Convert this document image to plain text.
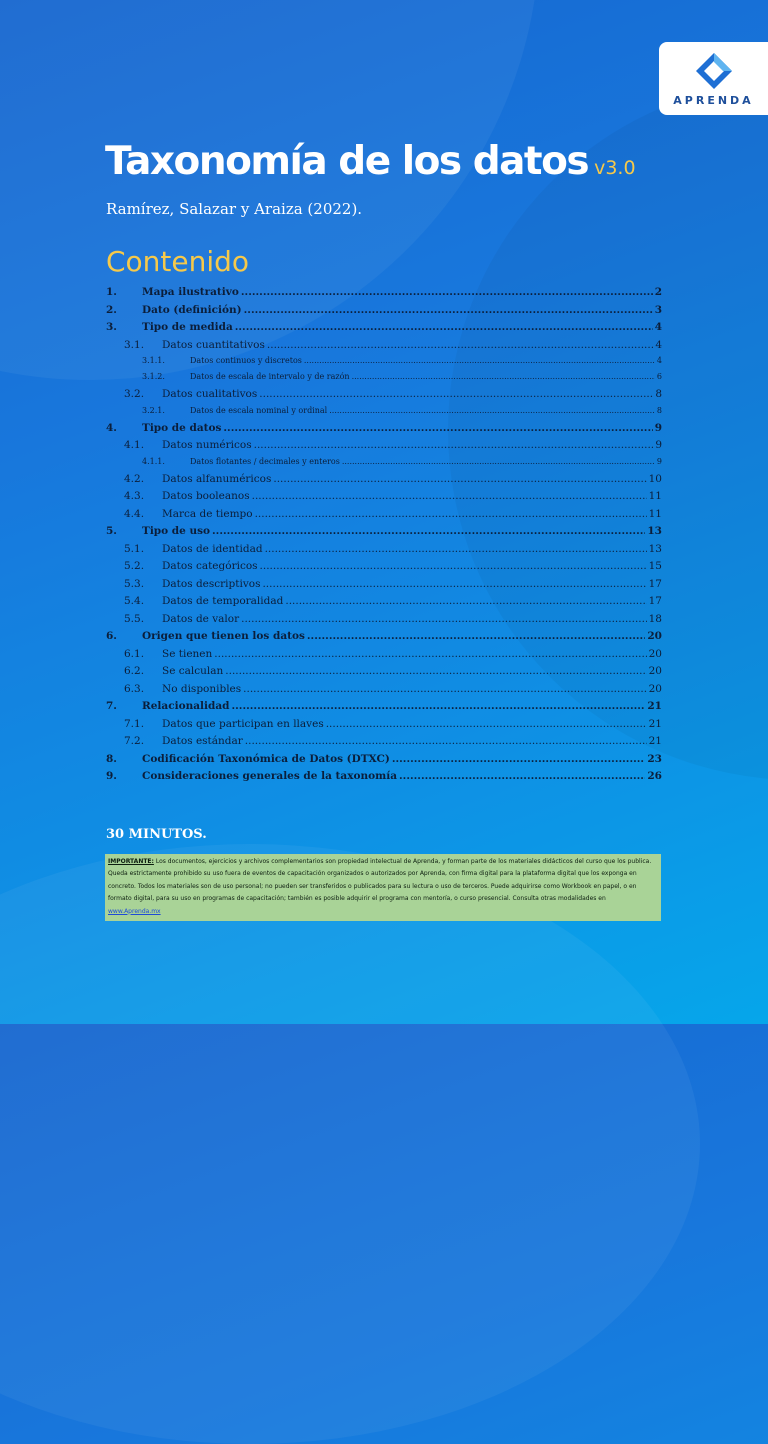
APRENDA
Taxonomía de los datos v3.0
Ramírez, Salazar y Araiza (2022).
Contenido
1. Mapa ilustrativo .....	2
2. Dato (definición) .....	3
3. Tipo de medida .....	4
3.1. Datos cuantitativos .....	4
3.1.1.	Datos continuos y discretos .....	4
3.1.2.	Datos de escala de intervalo y de razón .....	6
3.2. Datos cualitativos .....	8
3.2.1.	Datos de escala nominal y ordinal .....	8
4. Tipo de datos .....	9
4.1. Datos numéricos .....	9
4.1.1.	Datos flotantes / decimales y enteros .....	9
4.2. Datos alfanuméricos .....	10
4.3. Datos booleanos .....	11
4.4. Marca de tiempo .....	11
5. Tipo de uso .....	13
5.1. Datos de identidad .....	13
5.2. Datos categóricos .....	15
5.3. Datos descriptivos .....	17
5.4. Datos de temporalidad .....	17
5.5. Datos de valor .....	18
6. Origen que tienen los datos .....	20
6.1. Se tienen .....	20
6.2. Se calculan .....	20
6.3. No disponibles .....	20
7. Relacionalidad .....	21
7.1. Datos que participan en llaves .....	21
7.2. Datos estándar .....	21
8. Codificación Taxonómica de Datos (DTXC) .....	23
9. Consideraciones generales de la taxonomía .....	26
30 MINUTOS.
IMPORTANTE: Los documentos, ejercicios y archivos complementarios son propiedad intelectual de Aprenda, y forman parte de los materiales didácticos del curso que los publica. Queda estrictamente prohibido su uso fuera de eventos de capacitación organizados o autorizados por Aprenda, con firma digital para la plataforma digital que los exponga en concreto. Todos los materiales son de uso personal; no pueden ser transferidos o publicados para su lectura o uso de terceros. Puede adquirirse como Workbook en papel, o en formato digital, para su uso en programas de capacitación; también es posible adquirir el programa con mentoría, o curso presencial. Consulta otras modalidades en www.Aprenda.mx
